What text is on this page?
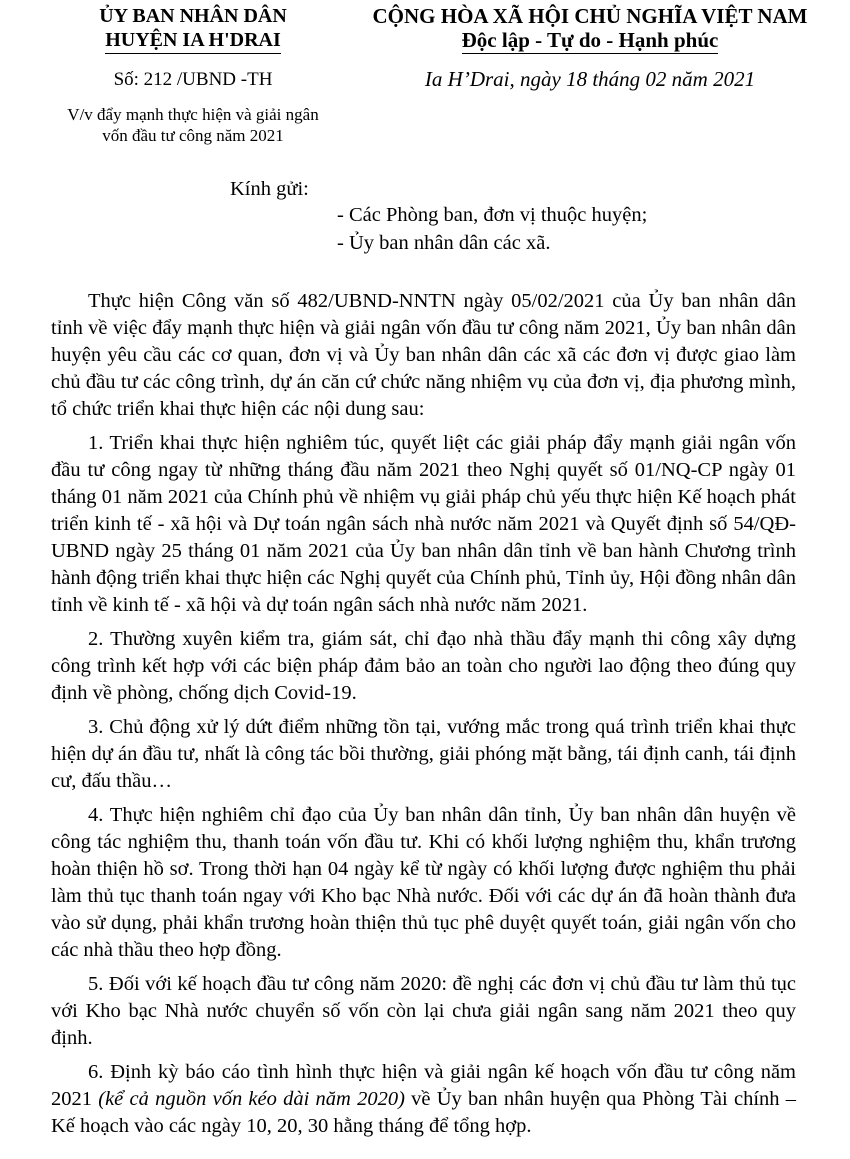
ỦY BAN NHÂN DÂN
HUYỆN IA H'DRAI
Số: 212 /UBND -TH
V/v đẩy mạnh thực hiện và giải ngân
vốn đầu tư công năm 2021
CỘNG HÒA XÃ HỘI CHỦ NGHĨA VIỆT NAM
Độc lập - Tự do - Hạnh phúc
Ia H’Drai, ngày 18 tháng 02 năm 2021
Kính gửi:
- Các Phòng ban, đơn vị thuộc huyện;
- Ủy ban nhân dân các xã.

Thực hiện Công văn số 482/UBND-NNTN ngày 05/02/2021 của Ủy ban nhân dân tỉnh về việc đẩy mạnh thực hiện và giải ngân vốn đầu tư công năm 2021, Ủy ban nhân dân huyện yêu cầu các cơ quan, đơn vị và Ủy ban nhân dân các xã các đơn vị được giao làm chủ đầu tư các công trình, dự án căn cứ chức năng nhiệm vụ của đơn vị, địa phương mình, tổ chức triển khai thực hiện các nội dung sau:

1. Triển khai thực hiện nghiêm túc, quyết liệt các giải pháp đẩy mạnh giải ngân vốn đầu tư công ngay từ những tháng đầu năm 2021 theo Nghị quyết số 01/NQ-CP ngày 01 tháng 01 năm 2021 của Chính phủ về nhiệm vụ giải pháp chủ yếu thực hiện Kế hoạch phát triển kinh tế - xã hội và Dự toán ngân sách nhà nước năm 2021 và Quyết định số 54/QĐ-UBND ngày 25 tháng 01 năm 2021 của Ủy ban nhân dân tỉnh về ban hành Chương trình hành động triển khai thực hiện các Nghị quyết của Chính phủ, Tỉnh ủy, Hội đồng nhân dân tỉnh về kinh tế - xã hội và dự toán ngân sách nhà nước năm 2021.

2. Thường xuyên kiểm tra, giám sát, chỉ đạo nhà thầu đẩy mạnh thi công xây dựng công trình kết hợp với các biện pháp đảm bảo an toàn cho người lao động theo đúng quy định về phòng, chống dịch Covid-19.

3. Chủ động xử lý dứt điểm những tồn tại, vướng mắc trong quá trình triển khai thực hiện dự án đầu tư, nhất là công tác bồi thường, giải phóng mặt bằng, tái định canh, tái định cư, đấu thầu…

4. Thực hiện nghiêm chỉ đạo của Ủy ban nhân dân tỉnh, Ủy ban nhân dân huyện về công tác nghiệm thu, thanh toán vốn đầu tư. Khi có khối lượng nghiệm thu, khẩn trương hoàn thiện hồ sơ. Trong thời hạn 04 ngày kể từ ngày có khối lượng được nghiệm thu phải làm thủ tục thanh toán ngay với Kho bạc Nhà nước. Đối với các dự án đã hoàn thành đưa vào sử dụng, phải khẩn trương hoàn thiện thủ tục phê duyệt quyết toán, giải ngân vốn cho các nhà thầu theo hợp đồng.

5. Đối với kế hoạch đầu tư công năm 2020: đề nghị các đơn vị chủ đầu tư làm thủ tục với Kho bạc Nhà nước chuyển số vốn còn lại chưa giải ngân sang năm 2021 theo quy định.

6. Định kỳ báo cáo tình hình thực hiện và giải ngân kế hoạch vốn đầu tư công năm 2021 (kể cả nguồn vốn kéo dài năm 2020) về Ủy ban nhân huyện qua Phòng Tài chính – Kế hoạch vào các ngày 10, 20, 30 hằng tháng để tổng hợp.
